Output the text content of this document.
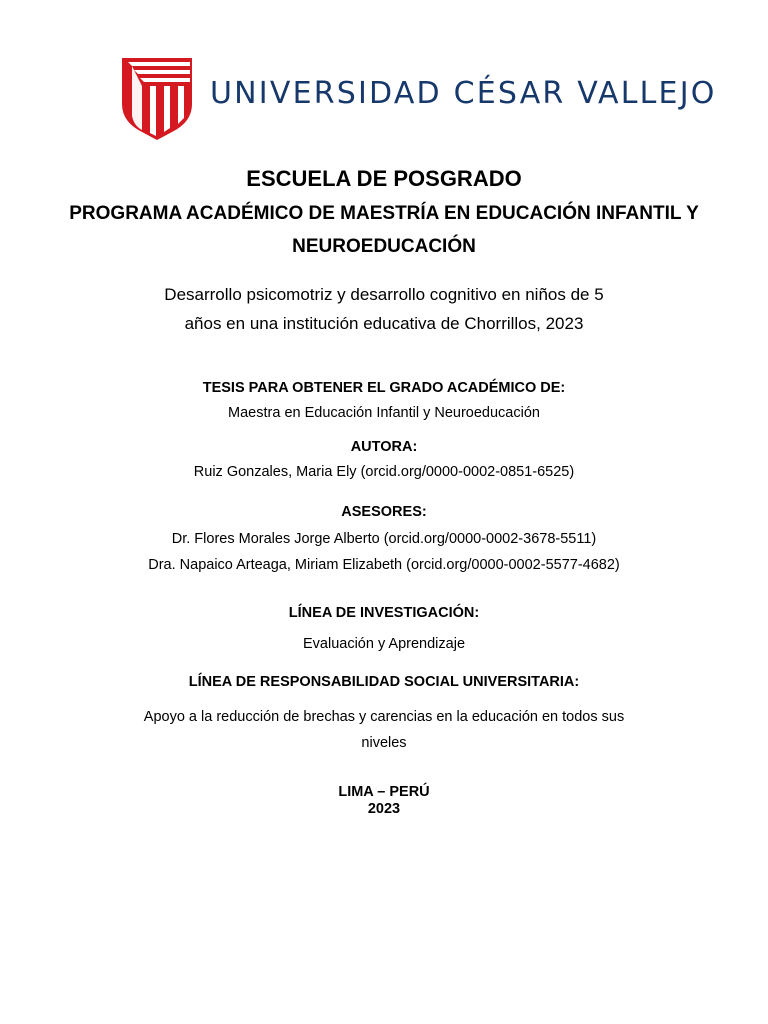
UNIVERSIDAD CÉSAR VALLEJO
ESCUELA DE POSGRADO
PROGRAMA ACADÉMICO DE MAESTRÍA EN EDUCACIÓN INFANTIL Y NEUROEDUCACIÓN
Desarrollo psicomotriz y desarrollo cognitivo en niños de 5 años en una institución educativa de Chorrillos, 2023
TESIS PARA OBTENER EL GRADO ACADÉMICO DE:
Maestra en Educación Infantil y Neuroeducación
AUTORA:
Ruiz Gonzales, Maria Ely (orcid.org/0000-0002-0851-6525)
ASESORES:
Dr. Flores Morales Jorge Alberto (orcid.org/0000-0002-3678-5511)
Dra. Napaico Arteaga, Miriam Elizabeth (orcid.org/0000-0002-5577-4682)
LÍNEA DE INVESTIGACIÓN:
Evaluación y Aprendizaje
LÍNEA DE RESPONSABILIDAD SOCIAL UNIVERSITARIA:
Apoyo a la reducción de brechas y carencias en la educación en todos sus niveles
LIMA – PERÚ
2023
